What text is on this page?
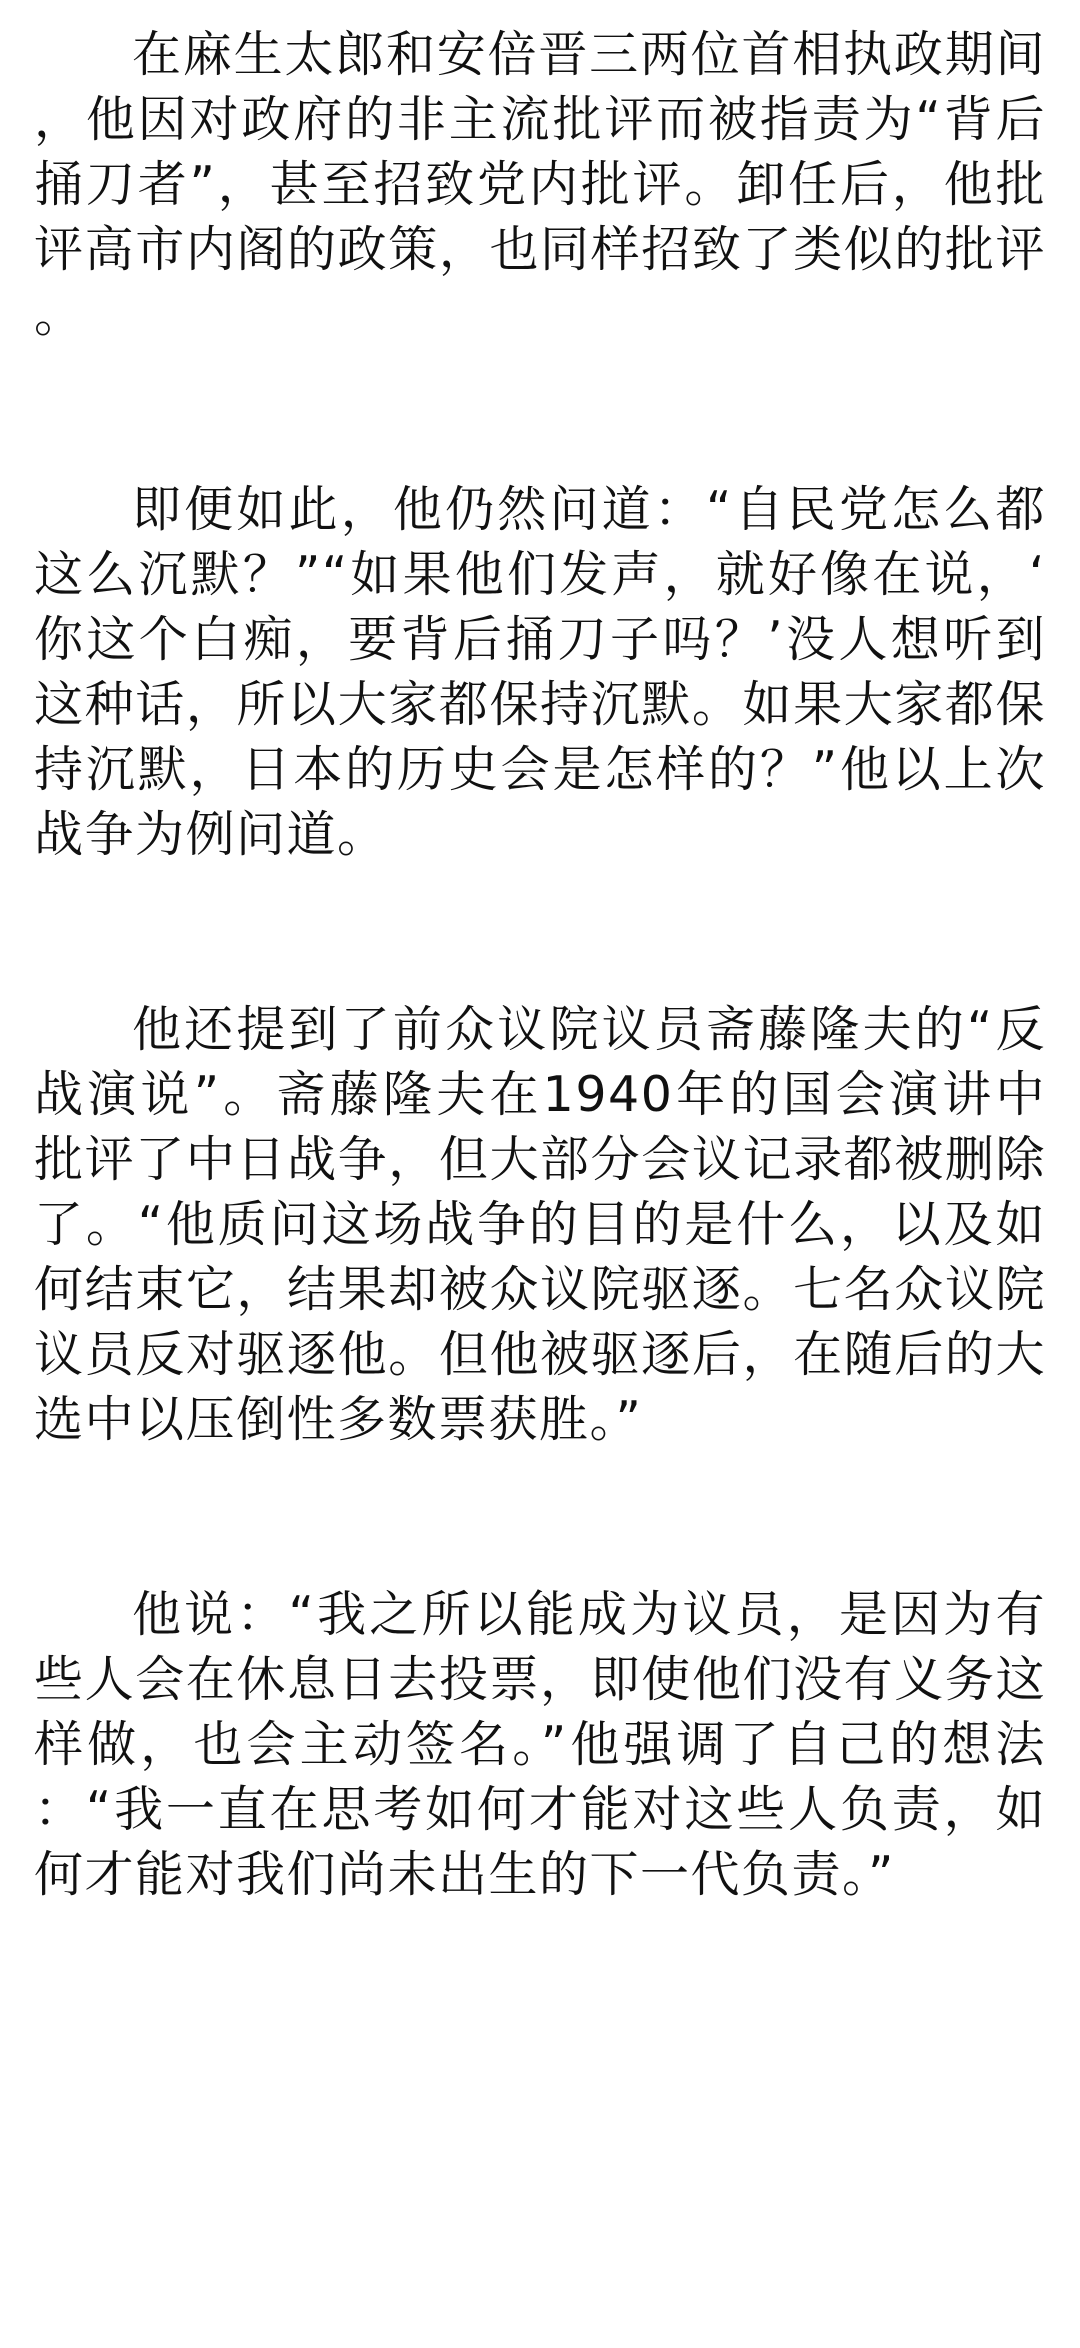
在麻生太郎和安倍晋三两位首相执政期间，他因对政府的非主流批评而被指责为“背后捅刀者”，甚至招致党内批评。卸任后，他批评高市内阁的政策，也同样招致了类似的批评。

即便如此，他仍然问道：“自民党怎么都这么沉默？”“如果他们发声，就好像在说，‘你这个白痴，要背后捅刀子吗？’没人想听到这种话，所以大家都保持沉默。如果大家都保持沉默，日本的历史会是怎样的？”他以上次战争为例问道。

他还提到了前众议院议员斋藤隆夫的“反战演说”。斋藤隆夫在1940年的国会演讲中批评了中日战争，但大部分会议记录都被删除了。“他质问这场战争的目的是什么，以及如何结束它，结果却被众议院驱逐。七名众议院议员反对驱逐他。但他被驱逐后，在随后的大选中以压倒性多数票获胜。”

他说：“我之所以能成为议员，是因为有些人会在休息日去投票，即使他们没有义务这样做，也会主动签名。”他强调了自己的想法：“我一直在思考如何才能对这些人负责，如何才能对我们尚未出生的下一代负责。”
